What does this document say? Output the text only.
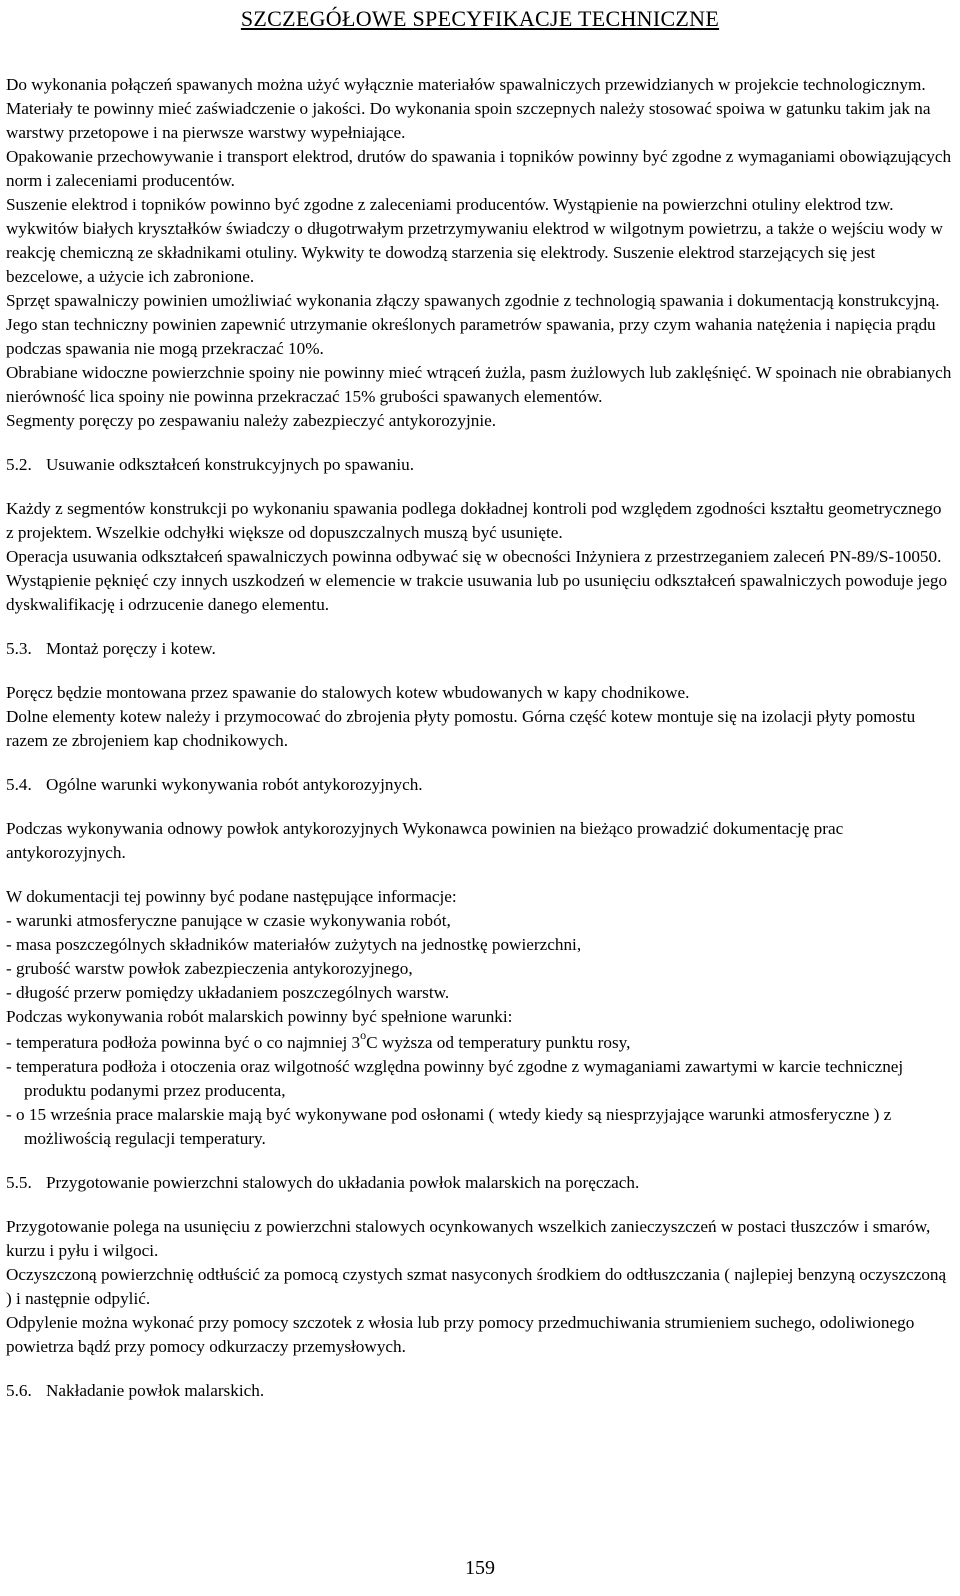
SZCZEGÓŁOWE SPECYFIKACJE TECHNICZNE

Do wykonania połączeń spawanych można użyć wyłącznie materiałów spawalniczych przewidzianych w projekcie technologicznym. Materiały te powinny mieć zaświadczenie o jakości. Do wykonania spoin szczepnych należy stosować spoiwa w gatunku takim jak na warstwy przetopowe i na pierwsze warstwy wypełniające.

Opakowanie przechowywanie i transport elektrod, drutów do spawania i topników powinny być zgodne z wymaganiami obowiązujących norm i zaleceniami producentów.

Suszenie elektrod i topników powinno być zgodne z zaleceniami producentów. Wystąpienie na powierzchni otuliny elektrod tzw. wykwitów białych kryształków świadczy o długotrwałym przetrzymywaniu elektrod w wilgotnym powietrzu, a także o wejściu wody w reakcję chemiczną ze składnikami otuliny. Wykwity te dowodzą starzenia się elektrody. Suszenie elektrod starzejących się jest bezcelowe, a użycie ich zabronione.

Sprzęt spawalniczy powinien umożliwiać wykonania złączy spawanych zgodnie z technologią spawania i dokumentacją konstrukcyjną. Jego stan techniczny powinien zapewnić utrzymanie określonych parametrów spawania, przy czym wahania natężenia i napięcia prądu podczas spawania nie mogą przekraczać 10%.

Obrabiane widoczne powierzchnie spoiny nie powinny mieć wtrąceń żużla, pasm żużlowych lub zaklęśnięć. W spoinach nie obrabianych nierówność lica spoiny nie powinna przekraczać 15% grubości spawanych elementów.

Segmenty poręczy po zespawaniu należy zabezpieczyć antykorozyjnie.

5.2. Usuwanie odkształceń konstrukcyjnych po spawaniu.

Każdy z segmentów konstrukcji po wykonaniu spawania podlega dokładnej kontroli pod względem zgodności kształtu geometrycznego z projektem. Wszelkie odchyłki większe od dopuszczalnych muszą być usunięte.

Operacja usuwania odkształceń spawalniczych powinna odbywać się w obecności Inżyniera z przestrzeganiem zaleceń PN-89/S-10050.

Wystąpienie pęknięć czy innych uszkodzeń w elemencie w trakcie usuwania lub po usunięciu odkształceń spawalniczych powoduje jego dyskwalifikację i odrzucenie danego elementu.

5.3. Montaż poręczy i kotew.

Poręcz będzie montowana przez spawanie do stalowych kotew wbudowanych w kapy chodnikowe.

Dolne elementy kotew należy i przymocować do zbrojenia płyty pomostu. Górna część kotew montuje się na izolacji płyty pomostu razem ze zbrojeniem kap chodnikowych.

5.4. Ogólne warunki wykonywania robót antykorozyjnych.

Podczas wykonywania odnowy powłok antykorozyjnych Wykonawca powinien na bieżąco prowadzić dokumentację prac antykorozyjnych.

W dokumentacji tej powinny być podane następujące informacje:

- warunki atmosferyczne panujące w czasie wykonywania robót,

- masa poszczególnych składników materiałów zużytych na jednostkę powierzchni,

- grubość warstw powłok zabezpieczenia antykorozyjnego,

- długość przerw pomiędzy układaniem poszczególnych warstw.

Podczas wykonywania robót malarskich powinny być spełnione warunki:

- temperatura podłoża powinna być o co najmniej 3$^o$C wyższa od temperatury punktu rosy,

- temperatura podłoża i otoczenia oraz wilgotność względna powinny być zgodne z wymaganiami zawartymi w karcie technicznej produktu podanymi przez producenta,

- o 15 września prace malarskie mają być wykonywane pod osłonami ( wtedy kiedy są niesprzyjające warunki atmosferyczne ) z możliwością regulacji temperatury.

5.5. Przygotowanie powierzchni stalowych do układania powłok malarskich na poręczach.

Przygotowanie polega na usunięciu z powierzchni stalowych ocynkowanych wszelkich zanieczyszczeń w postaci tłuszczów i smarów, kurzu i pyłu i wilgoci.

Oczyszczoną powierzchnię odtłuścić za pomocą czystych szmat nasyconych środkiem do odtłuszczania ( najlepiej benzyną oczyszczoną ) i następnie odpylić.

Odpylenie można wykonać przy pomocy szczotek z włosia lub przy pomocy przedmuchiwania strumieniem suchego, odoliwionego powietrza bądź przy pomocy odkurzaczy przemysłowych.

5.6. Nakładanie powłok malarskich.

159
